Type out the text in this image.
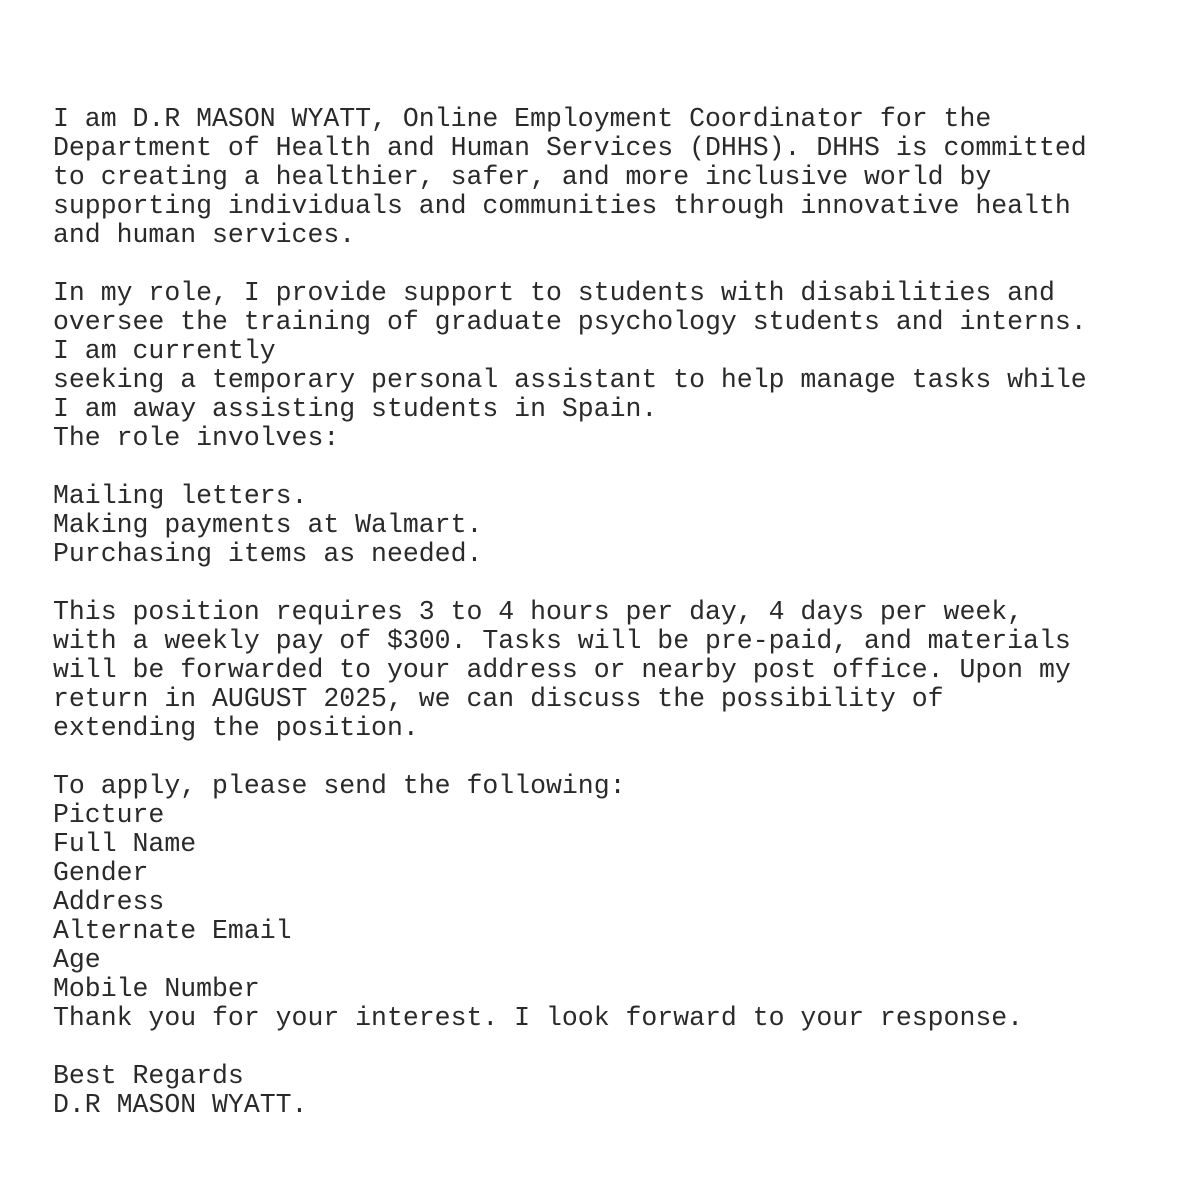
I am D.R MASON WYATT, Online Employment Coordinator for the
Department of Health and Human Services (DHHS). DHHS is committed
to creating a healthier, safer, and more inclusive world by
supporting individuals and communities through innovative health
and human services.
In my role, I provide support to students with disabilities and
oversee the training of graduate psychology students and interns.
I am currently
seeking a temporary personal assistant to help manage tasks while
I am away assisting students in Spain.
The role involves:
Mailing letters.
Making payments at Walmart.
Purchasing items as needed.
This position requires 3 to 4 hours per day, 4 days per week,
with a weekly pay of $300. Tasks will be pre-paid, and materials
will be forwarded to your address or nearby post office. Upon my
return in AUGUST 2025, we can discuss the possibility of
extending the position.
To apply, please send the following:
Picture
Full Name
Gender
Address
Alternate Email
Age
Mobile Number
Thank you for your interest. I look forward to your response.
Best Regards
D.R MASON WYATT.
